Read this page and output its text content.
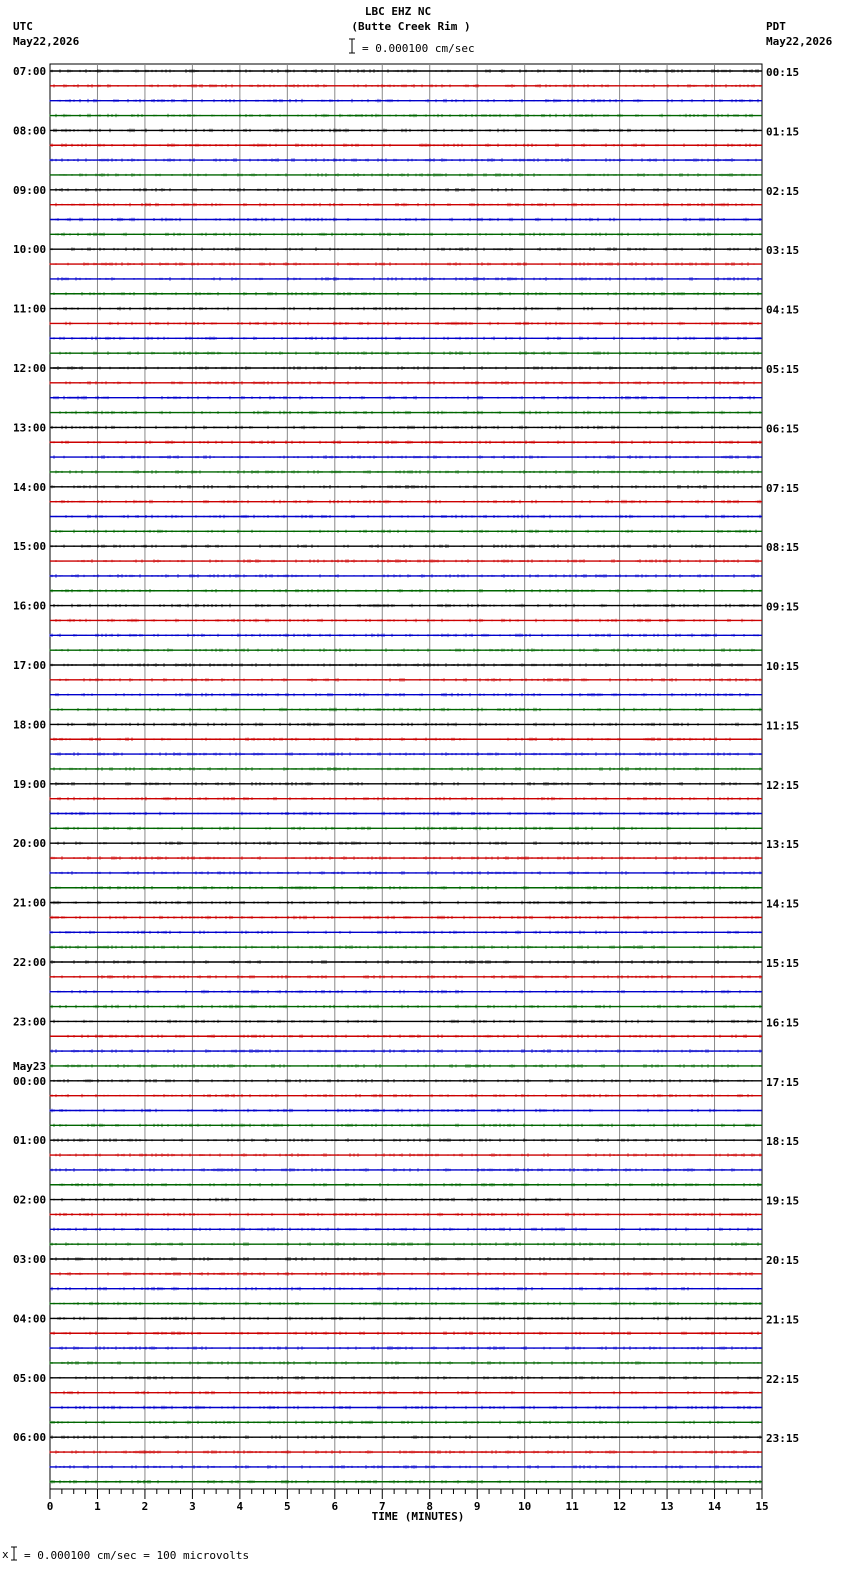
LBC EHZ NC
(Butte Creek Rim )
= 0.000100 cm/sec
UTC
May22,2026
PDT
May22,2026
07:00
08:00
09:00
10:00
11:00
12:00
13:00
14:00
15:00
16:00
17:00
18:00
19:00
20:00
21:00
22:00
23:00
May23
00:00
01:00
02:00
03:00
04:00
05:00
06:00
00:15
01:15
02:15
03:15
04:15
05:15
06:15
07:15
08:15
09:15
10:15
11:15
12:15
13:15
14:15
15:15
16:15
17:15
18:15
19:15
20:15
21:15
22:15
23:15
0	1	2	3	4	5	6	7	8	9	10	11	12	13	14	15
TIME (MINUTES)
x = 0.000100 cm/sec = 100 microvolts
